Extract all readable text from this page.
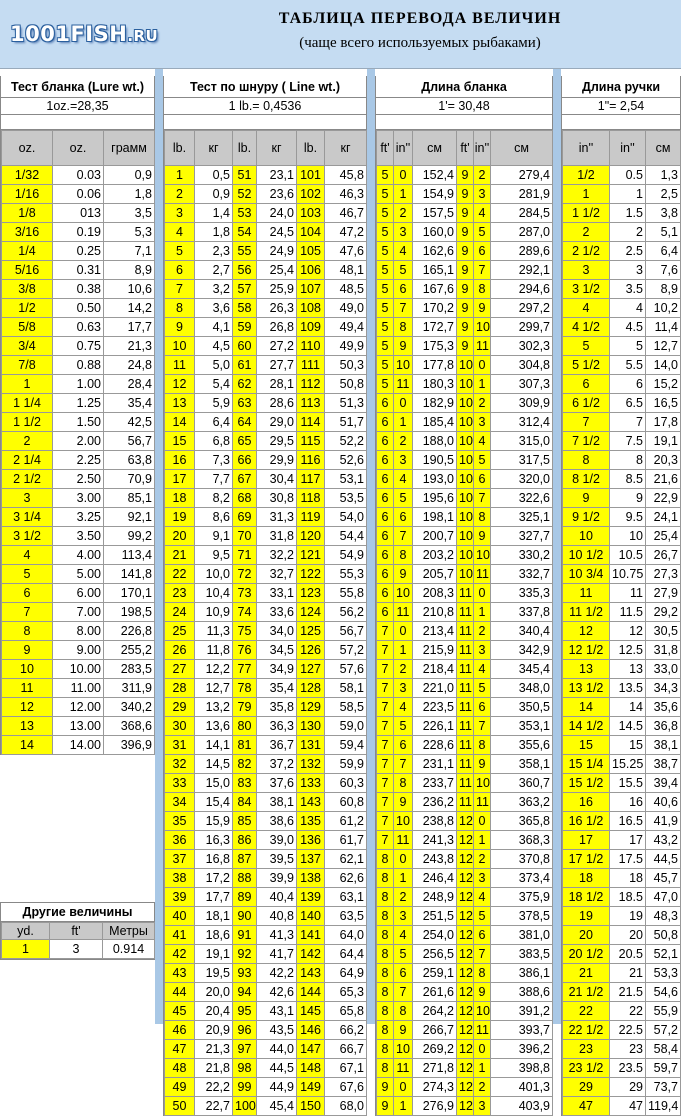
1001FISH.RU
ТАБЛИЦА ПЕРЕВОДА ВЕЛИЧИН
(чаще всего используемых рыбаками)
Тест бланка (Lure wt.)
1oz.=28,35
oz.	oz.	грамм
1/32	0.03	0,9
1/16	0.06	1,8
1/8	013	3,5
3/16	0.19	5,3
1/4	0.25	7,1
5/16	0.31	8,9
3/8	0.38	10,6
1/2	0.50	14,2
5/8	0.63	17,7
3/4	0.75	21,3
7/8	0.88	24,8
1	1.00	28,4
1 1/4	1.25	35,4
1 1/2	1.50	42,5
2	2.00	56,7
2 1/4	2.25	63,8
2 1/2	2.50	70,9
3	3.00	85,1
3 1/4	3.25	92,1
3 1/2	3.50	99,2
4	4.00	113,4
5	5.00	141,8
6	6.00	170,1
7	7.00	198,5
8	8.00	226,8
9	9.00	255,2
10	10.00	283,5
11	11.00	311,9
12	12.00	340,2
13	13.00	368,6
14	14.00	396,9
Тест по шнуру ( Line wt.)
1 lb.= 0,4536
lb.	кг	lb.	кг	lb.	кг
1	0,5	51	23,1	101	45,8
2	0,9	52	23,6	102	46,3
3	1,4	53	24,0	103	46,7
4	1,8	54	24,5	104	47,2
5	2,3	55	24,9	105	47,6
6	2,7	56	25,4	106	48,1
7	3,2	57	25,9	107	48,5
8	3,6	58	26,3	108	49,0
9	4,1	59	26,8	109	49,4
10	4,5	60	27,2	110	49,9
11	5,0	61	27,7	111	50,3
12	5,4	62	28,1	112	50,8
13	5,9	63	28,6	113	51,3
14	6,4	64	29,0	114	51,7
15	6,8	65	29,5	115	52,2
16	7,3	66	29,9	116	52,6
17	7,7	67	30,4	117	53,1
18	8,2	68	30,8	118	53,5
19	8,6	69	31,3	119	54,0
20	9,1	70	31,8	120	54,4
21	9,5	71	32,2	121	54,9
22	10,0	72	32,7	122	55,3
23	10,4	73	33,1	123	55,8
24	10,9	74	33,6	124	56,2
25	11,3	75	34,0	125	56,7
26	11,8	76	34,5	126	57,2
27	12,2	77	34,9	127	57,6
28	12,7	78	35,4	128	58,1
29	13,2	79	35,8	129	58,5
30	13,6	80	36,3	130	59,0
31	14,1	81	36,7	131	59,4
32	14,5	82	37,2	132	59,9
33	15,0	83	37,6	133	60,3
34	15,4	84	38,1	143	60,8
35	15,9	85	38,6	135	61,2
36	16,3	86	39,0	136	61,7
37	16,8	87	39,5	137	62,1
38	17,2	88	39,9	138	62,6
39	17,7	89	40,4	139	63,1
40	18,1	90	40,8	140	63,5
41	18,6	91	41,3	141	64,0
42	19,1	92	41,7	142	64,4
43	19,5	93	42,2	143	64,9
44	20,0	94	42,6	144	65,3
45	20,4	95	43,1	145	65,8
46	20,9	96	43,5	146	66,2
47	21,3	97	44,0	147	66,7
48	21,8	98	44,5	148	67,1
49	22,2	99	44,9	149	67,6
50	22,7	100	45,4	150	68,0
Длина бланка
1'= 30,48
ft'	in''	см	ft'	in''	см
5	0	152,4	9	2	279,4
5	1	154,9	9	3	281,9
5	2	157,5	9	4	284,5
5	3	160,0	9	5	287,0
5	4	162,6	9	6	289,6
5	5	165,1	9	7	292,1
5	6	167,6	9	8	294,6
5	7	170,2	9	9	297,2
5	8	172,7	9	10	299,7
5	9	175,3	9	11	302,3
5	10	177,8	10	0	304,8
5	11	180,3	10	1	307,3
6	0	182,9	10	2	309,9
6	1	185,4	10	3	312,4
6	2	188,0	10	4	315,0
6	3	190,5	10	5	317,5
6	4	193,0	10	6	320,0
6	5	195,6	10	7	322,6
6	6	198,1	10	8	325,1
6	7	200,7	10	9	327,7
6	8	203,2	10	10	330,2
6	9	205,7	10	11	332,7
6	10	208,3	11	0	335,3
6	11	210,8	11	1	337,8
7	0	213,4	11	2	340,4
7	1	215,9	11	3	342,9
7	2	218,4	11	4	345,4
7	3	221,0	11	5	348,0
7	4	223,5	11	6	350,5
7	5	226,1	11	7	353,1
7	6	228,6	11	8	355,6
7	7	231,1	11	9	358,1
7	8	233,7	11	10	360,7
7	9	236,2	11	11	363,2
7	10	238,8	12	0	365,8
7	11	241,3	12	1	368,3
8	0	243,8	12	2	370,8
8	1	246,4	12	3	373,4
8	2	248,9	12	4	375,9
8	3	251,5	12	5	378,5
8	4	254,0	12	6	381,0
8	5	256,5	12	7	383,5
8	6	259,1	12	8	386,1
8	7	261,6	12	9	388,6
8	8	264,2	12	10	391,2
8	9	266,7	12	11	393,7
8	10	269,2	12	0	396,2
8	11	271,8	12	1	398,8
9	0	274,3	12	2	401,3
9	1	276,9	12	3	403,9
Длина ручки
1"= 2,54
in''	in''	см
1/2	0.5	1,3
1	1	2,5
1 1/2	1.5	3,8
2	2	5,1
2 1/2	2.5	6,4
3	3	7,6
3 1/2	3.5	8,9
4	4	10,2
4 1/2	4.5	11,4
5	5	12,7
5 1/2	5.5	14,0
6	6	15,2
6 1/2	6.5	16,5
7	7	17,8
7 1/2	7.5	19,1
8	8	20,3
8 1/2	8.5	21,6
9	9	22,9
9 1/2	9.5	24,1
10	10	25,4
10 1/2	10.5	26,7
10 3/4	10.75	27,3
11	11	27,9
11 1/2	11.5	29,2
12	12	30,5
12 1/2	12.5	31,8
13	13	33,0
13 1/2	13.5	34,3
14	14	35,6
14 1/2	14.5	36,8
15	15	38,1
15 1/4	15.25	38,7
15 1/2	15.5	39,4
16	16	40,6
16 1/2	16.5	41,9
17	17	43,2
17 1/2	17.5	44,5
18	18	45,7
18 1/2	18.5	47,0
19	19	48,3
20	20	50,8
20 1/2	20.5	52,1
21	21	53,3
21 1/2	21.5	54,6
22	22	55,9
22 1/2	22.5	57,2
23	23	58,4
23 1/2	23.5	59,7
29	29	73,7
47	47	119,4
Другие величины
yd.	ft'	Метры
1	3	0.914
